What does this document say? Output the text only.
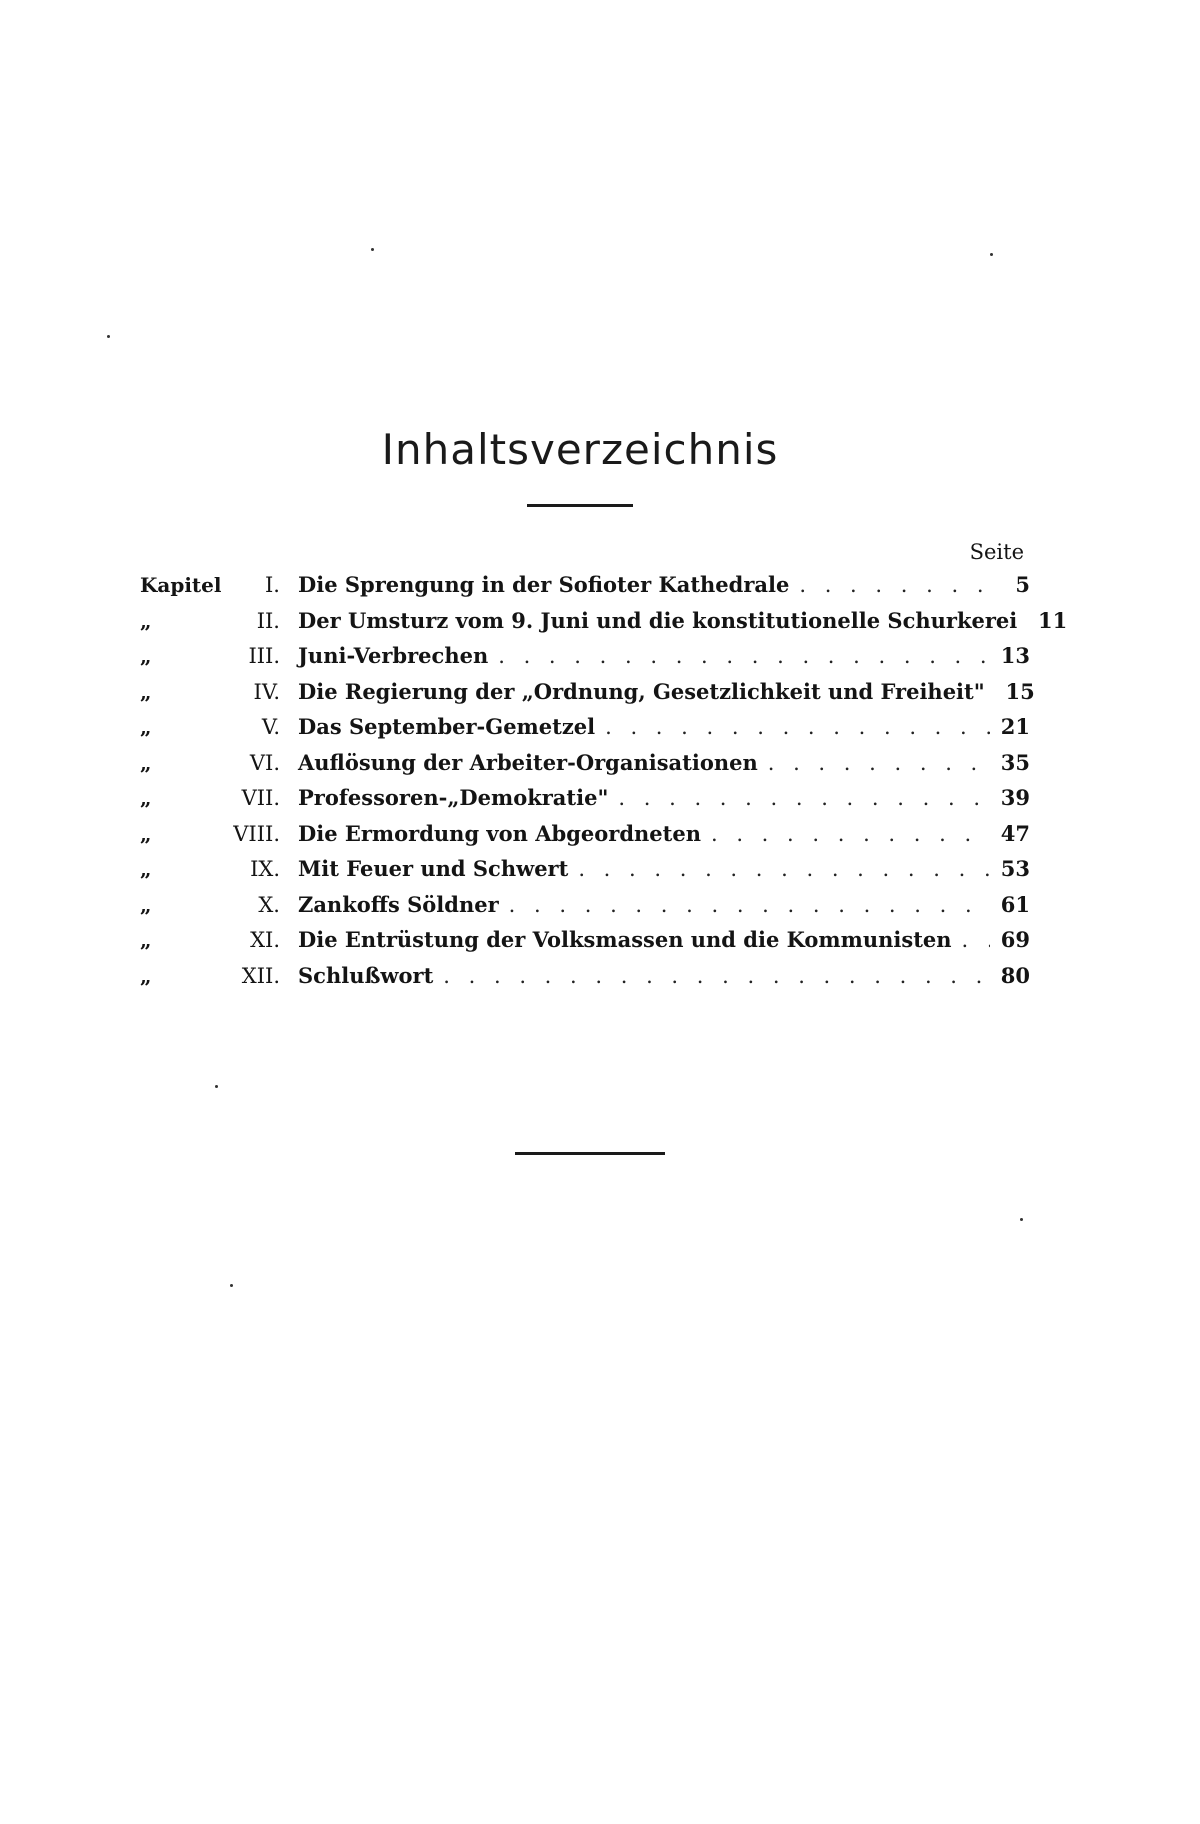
Inhaltsverzeichnis
Seite
Kapitel	I. Die Sprengung in der Sofioter Kathedrale . . .	5
„	II. Der Umsturz vom 9. Juni und die konstitutionelle Schurkerei . . . 11
„	III. Juni-Verbrechen . . .	13
„	IV. Die Regierung der „Ordnung, Gesetzlichkeit und Freiheit" . . . 15
„	V. Das September-Gemetzel . . .	21
„	VI. Auflösung der Arbeiter-Organisationen . . .	35
„	VII. Professoren-„Demokratie" . . .	39
„	VIII. Die Ermordung von Abgeordneten . . .	47
„	IX. Mit Feuer und Schwert . . .	53
„	X. Zankoffs Söldner . . .	61
„	XI. Die Entrüstung der Volksmassen und die Kommunisten . . .	69
„	XII. Schlußwort . . .	80
